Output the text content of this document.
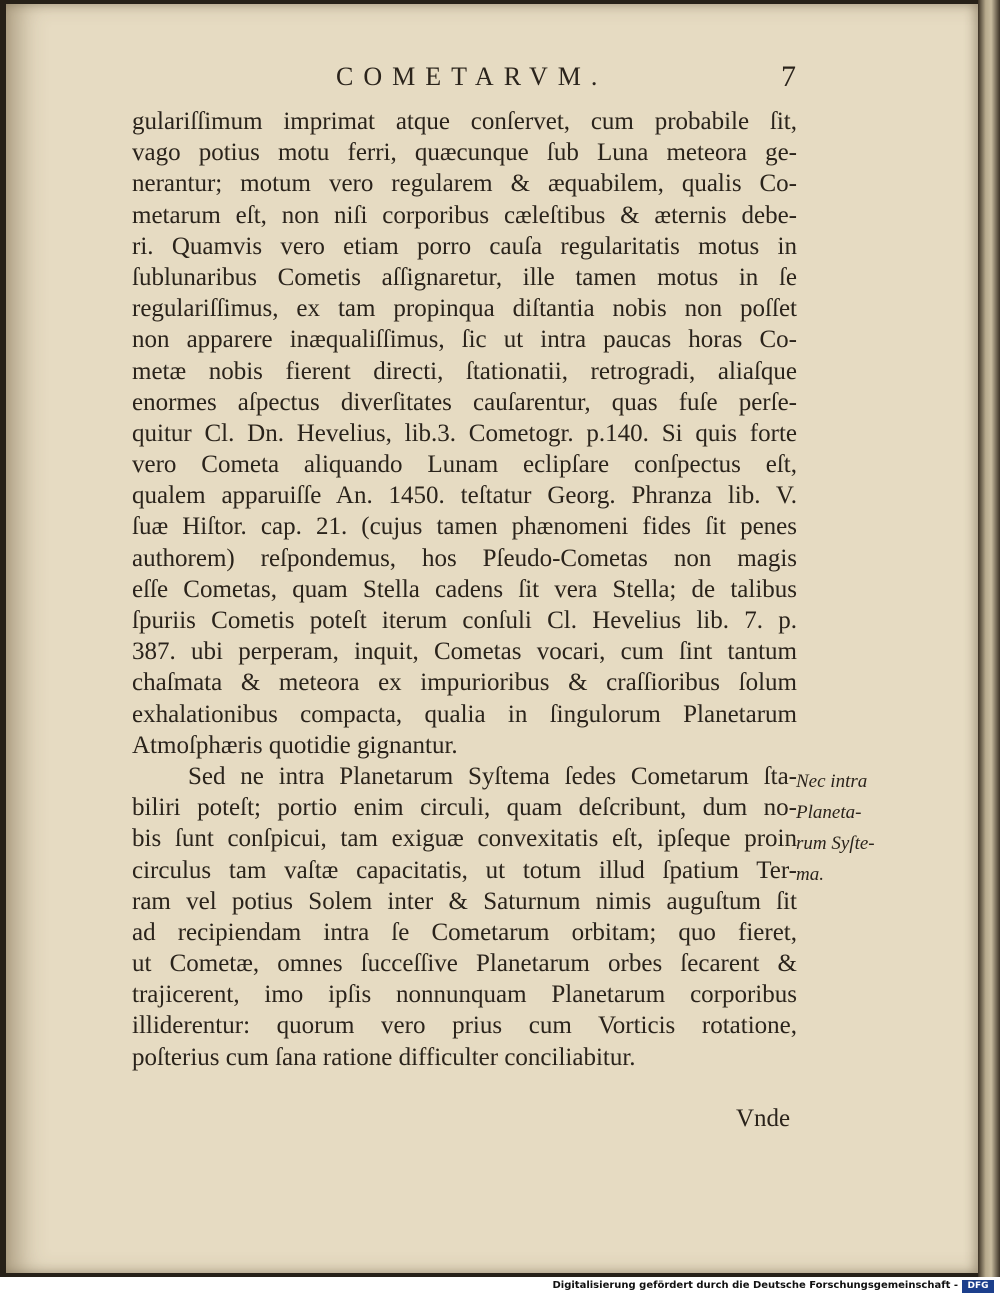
COMETARVM.	7
gulariſſimum imprimat atque conſervet, cum probabile ſit,
vago potius motu ferri, quæcunque ſub Luna meteora ge-
nerantur; motum vero regularem & æquabilem, qualis Co-
metarum eſt, non niſi corporibus cæleſtibus & æternis debe-
ri. Quamvis vero etiam porro cauſa regularitatis motus in
ſublunaribus Cometis aſſignaretur, ille tamen motus in ſe
regulariſſimus, ex tam propinqua diſtantia nobis non poſſet
non apparere inæqualiſſimus, ſic ut intra paucas horas Co-
metæ nobis fierent directi, ſtationatii, retrogradi, aliaſque
enormes aſpectus diverſitates cauſarentur, quas fuſe perſe-
quitur Cl. Dn. Hevelius, lib.3. Cometogr. p.140. Si quis forte
vero Cometa aliquando Lunam eclipſare conſpectus eſt,
qualem apparuiſſe An. 1450. teſtatur Georg. Phranza lib. V.
ſuæ Hiſtor. cap. 21. (cujus tamen phænomeni fides ſit penes
authorem) reſpondemus, hos Pſeudo-Cometas non magis
eſſe Cometas, quam Stella cadens ſit vera Stella; de talibus
ſpuriis Cometis poteſt iterum conſuli Cl. Hevelius lib. 7. p.
387. ubi perperam, inquit, Cometas vocari, cum ſint tantum
chaſmata & meteora ex impurioribus & craſſioribus ſolum
exhalationibus compacta, qualia in ſingulorum Planetarum
Atmoſphæris quotidie gignantur.
Sed ne intra Planetarum Syſtema ſedes Cometarum ſta-
biliri poteſt; portio enim circuli, quam deſcribunt, dum no-
bis ſunt conſpicui, tam exiguæ convexitatis eſt, ipſeque proin
circulus tam vaſtæ capacitatis, ut totum illud ſpatium Ter-
ram vel potius Solem inter & Saturnum nimis auguſtum ſit
ad recipiendam intra ſe Cometarum orbitam; quo fieret,
ut Cometæ, omnes ſucceſſive Planetarum orbes ſecarent &
trajicerent, imo ipſis nonnunquam Planetarum corporibus
illiderentur: quorum vero prius cum Vorticis rotatione,
poſterius cum ſana ratione difficulter conciliabitur.
Nec intra
Planeta-
rum Syſte-
ma.
Vnde
Digitalisierung gefördert durch die Deutsche Forschungsgemeinschaft -	DFG
